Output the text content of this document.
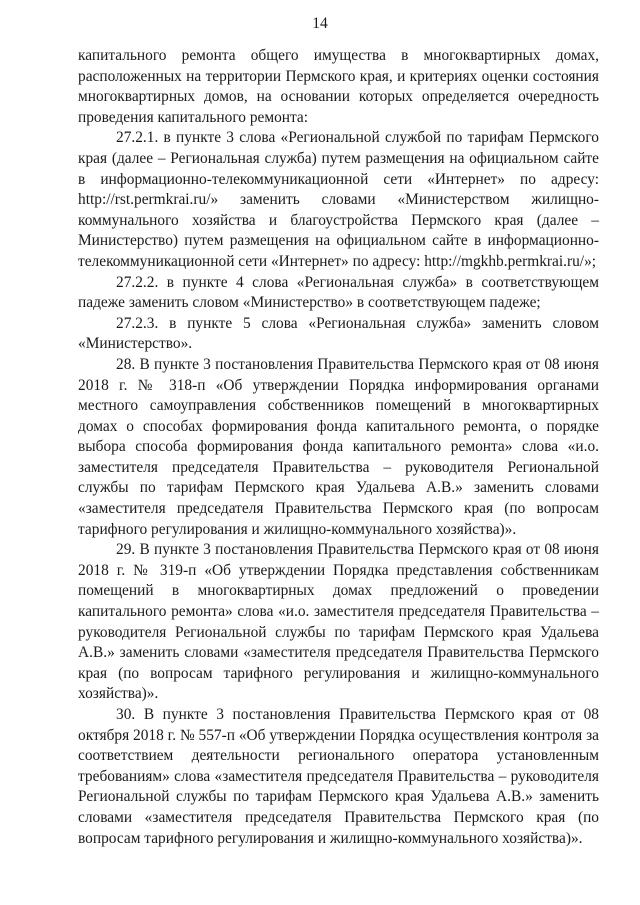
14

капитального ремонта общего имущества в многоквартирных домах, расположенных на территории Пермского края, и критериях оценки состояния многоквартирных домов, на основании которых определяется очередность проведения капитального ремонта:

27.2.1. в пункте 3 слова «Региональной службой по тарифам Пермского края (далее – Региональная служба) путем размещения на официальном сайте в информационно-телекоммуникационной сети «Интернет» по адресу: http://rst.permkrai.ru/» заменить словами «Министерством жилищно-коммунального хозяйства и благоустройства Пермского края (далее – Министерство) путем размещения на официальном сайте в информационно-телекоммуникационной сети «Интернет» по адресу: http://mgkhb.permkrai.ru/»;

27.2.2. в пункте 4 слова «Региональная служба» в соответствующем падеже заменить словом «Министерство» в соответствующем падеже;

27.2.3. в пункте 5 слова «Региональная служба» заменить словом «Министерство».

28. В пункте 3 постановления Правительства Пермского края от 08 июня 2018 г. № 318-п «Об утверждении Порядка информирования органами местного самоуправления собственников помещений в многоквартирных домах о способах формирования фонда капитального ремонта, о порядке выбора способа формирования фонда капитального ремонта» слова «и.о. заместителя председателя Правительства – руководителя Региональной службы по тарифам Пермского края Удальева А.В.» заменить словами «заместителя председателя Правительства Пермского края (по вопросам тарифного регулирования и жилищно-коммунального хозяйства)».

29. В пункте 3 постановления Правительства Пермского края от 08 июня 2018 г. № 319-п «Об утверждении Порядка представления собственникам помещений в многоквартирных домах предложений о проведении капитального ремонта» слова «и.о. заместителя председателя Правительства – руководителя Региональной службы по тарифам Пермского края Удальева А.В.» заменить словами «заместителя председателя Правительства Пермского края (по вопросам тарифного регулирования и жилищно-коммунального хозяйства)».

30. В пункте 3 постановления Правительства Пермского края от 08 октября 2018 г. № 557-п «Об утверждении Порядка осуществления контроля за соответствием деятельности регионального оператора установленным требованиям» слова «заместителя председателя Правительства – руководителя Региональной службы по тарифам Пермского края Удальева А.В.» заменить словами «заместителя председателя Правительства Пермского края (по вопросам тарифного регулирования и жилищно-коммунального хозяйства)».
